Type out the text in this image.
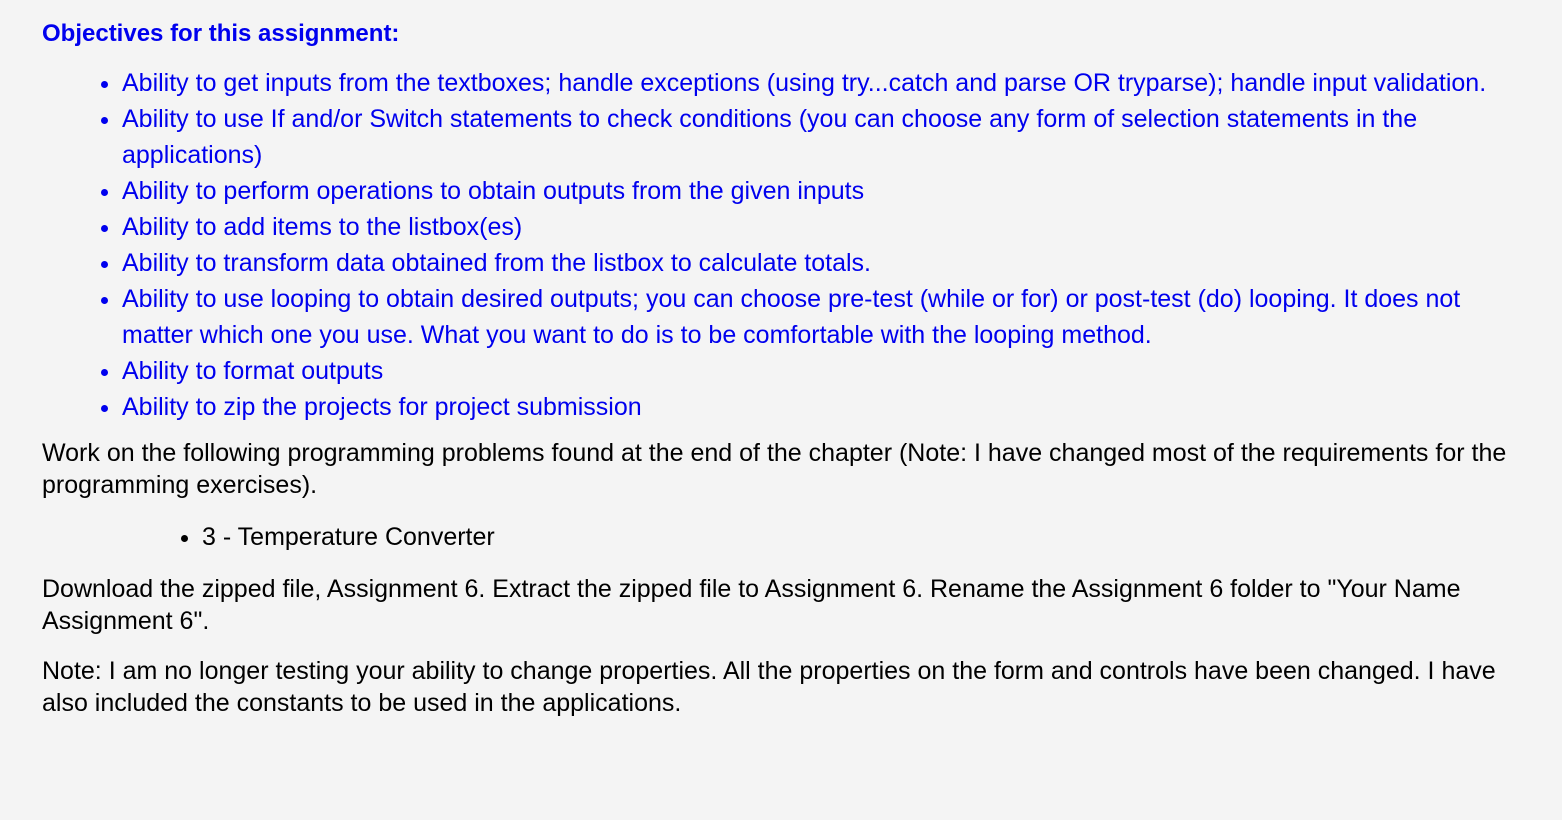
Objectives for this assignment:
• Ability to get inputs from the textboxes; handle exceptions (using try...catch and parse OR tryparse); handle input validation.
• Ability to use If and/or Switch statements to check conditions (you can choose any form of selection statements in the applications)
• Ability to perform operations to obtain outputs from the given inputs
• Ability to add items to the listbox(es)
• Ability to transform data obtained from the listbox to calculate totals.
• Ability to use looping to obtain desired outputs; you can choose pre-test (while or for) or post-test (do) looping. It does not matter which one you use. What you want to do is to be comfortable with the looping method.
• Ability to format outputs
• Ability to zip the projects for project submission

Work on the following programming problems found at the end of the chapter (Note: I have changed most of the requirements for the programming exercises).

• 3 - Temperature Converter

Download the zipped file, Assignment 6. Extract the zipped file to Assignment 6. Rename the Assignment 6 folder to "Your Name Assignment 6".

Note: I am no longer testing your ability to change properties. All the properties on the form and controls have been changed. I have also included the constants to be used in the applications.
